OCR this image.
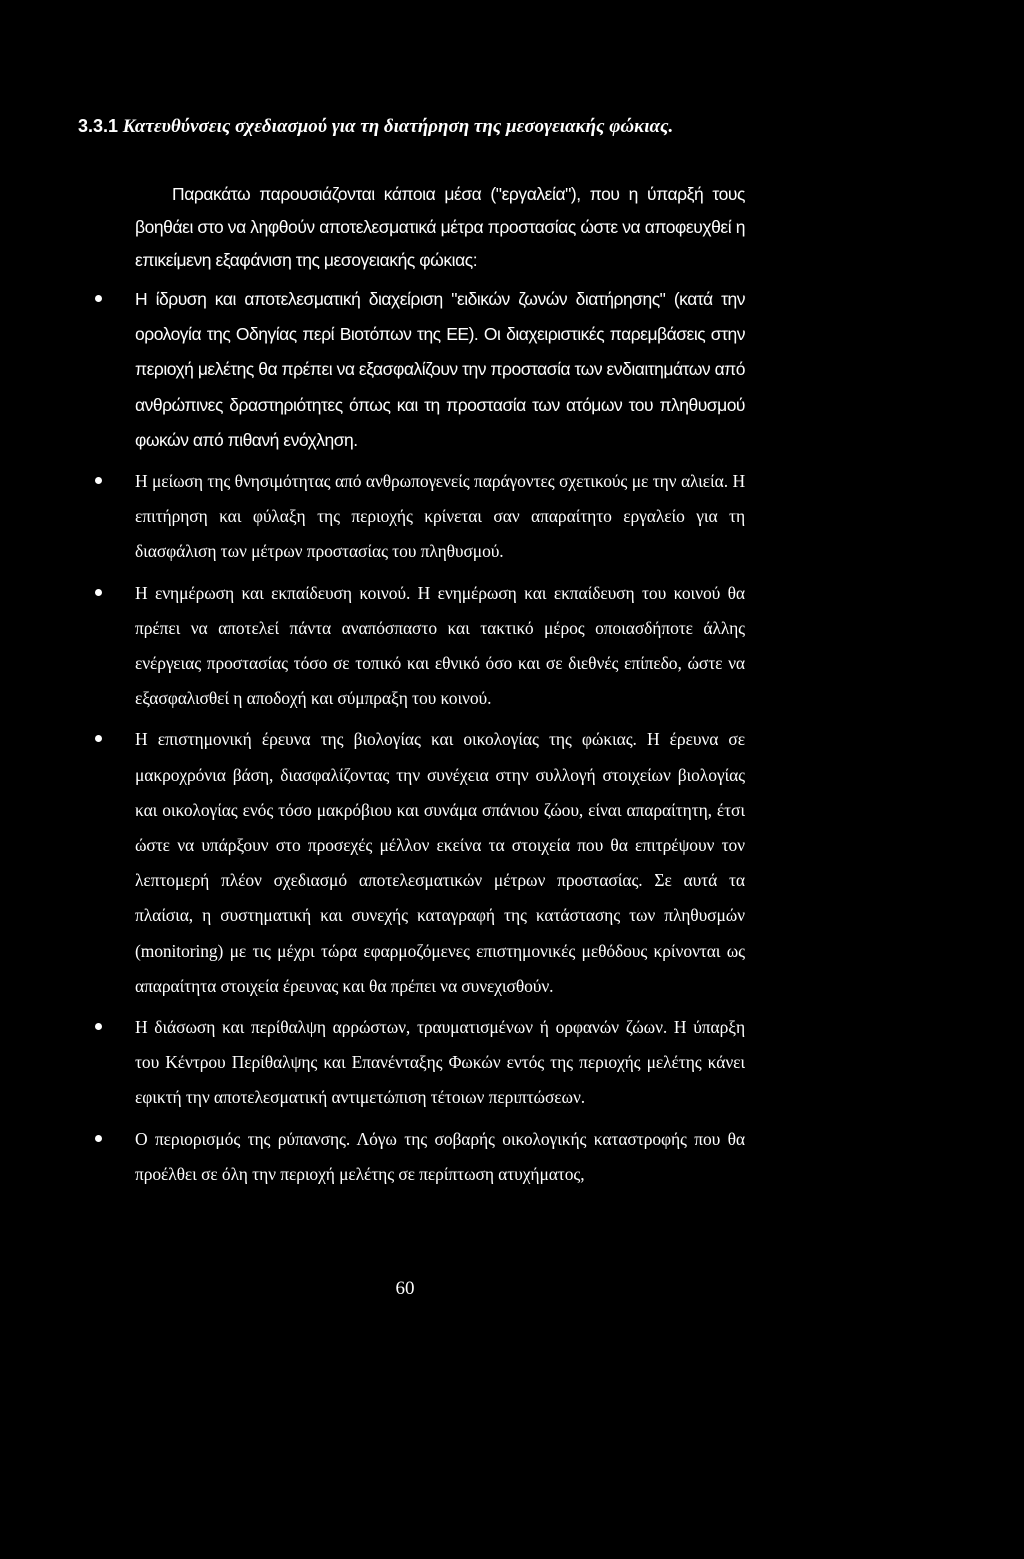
3.3.1 Κατευθύνσεις σχεδιασμού για τη διατήρηση της μεσογειακής φώκιας.

Παρακάτω παρουσιάζονται κάποια μέσα ("εργαλεία"), που η ύπαρξή τους βοηθάει στο να ληφθούν αποτελεσματικά μέτρα προστασίας ώστε να αποφευχθεί η επικείμενη εξαφάνιση της μεσογειακής φώκιας:

Η ίδρυση και αποτελεσματική διαχείριση "ειδικών ζωνών διατήρησης" (κατά την ορολογία της Οδηγίας περί Βιοτόπων της ΕΕ). Οι διαχειριστικές παρεμβάσεις στην περιοχή μελέτης θα πρέπει να εξασφαλίζουν την προστασία των ενδιαιτημάτων από ανθρώπινες δραστηριότητες όπως και τη προστασία των ατόμων του πληθυσμού φωκών από πιθανή ενόχληση.
Η μείωση της θνησιμότητας από ανθρωπογενείς παράγοντες σχετικούς με την αλιεία. Η επιτήρηση και φύλαξη της περιοχής κρίνεται σαν απαραίτητο εργαλείο για τη διασφάλιση των μέτρων προστασίας του πληθυσμού.
Η ενημέρωση και εκπαίδευση κοινού. Η ενημέρωση και εκπαίδευση του κοινού θα πρέπει να αποτελεί πάντα αναπόσπαστο και τακτικό μέρος οποιασδήποτε άλλης ενέργειας προστασίας τόσο σε τοπικό και εθνικό όσο και σε διεθνές επίπεδο, ώστε να εξασφαλισθεί η αποδοχή και σύμπραξη του κοινού.
Η επιστημονική έρευνα της βιολογίας και οικολογίας της φώκιας. Η έρευνα σε μακροχρόνια βάση, διασφαλίζοντας την συνέχεια στην συλλογή στοιχείων βιολογίας και οικολογίας ενός τόσο μακρόβιου και συνάμα σπάνιου ζώου, είναι απαραίτητη, έτσι ώστε να υπάρξουν στο προσεχές μέλλον εκείνα τα στοιχεία που θα επιτρέψουν τον λεπτομερή πλέον σχεδιασμό αποτελεσματικών μέτρων προστασίας. Σε αυτά τα πλαίσια, η συστηματική και συνεχής καταγραφή της κατάστασης των πληθυσμών (monitoring) με τις μέχρι τώρα εφαρμοζόμενες επιστημονικές μεθόδους κρίνονται ως απαραίτητα στοιχεία έρευνας και θα πρέπει να συνεχισθούν.
Η διάσωση και περίθαλψη αρρώστων, τραυματισμένων ή ορφανών ζώων. Η ύπαρξη του Κέντρου Περίθαλψης και Επανένταξης Φωκών εντός της περιοχής μελέτης κάνει εφικτή την αποτελεσματική αντιμετώπιση τέτοιων περιπτώσεων.
Ο περιορισμός της ρύπανσης. Λόγω της σοβαρής οικολογικής καταστροφής που θα προέλθει σε όλη την περιοχή μελέτης σε περίπτωση ατυχήματος,
60
